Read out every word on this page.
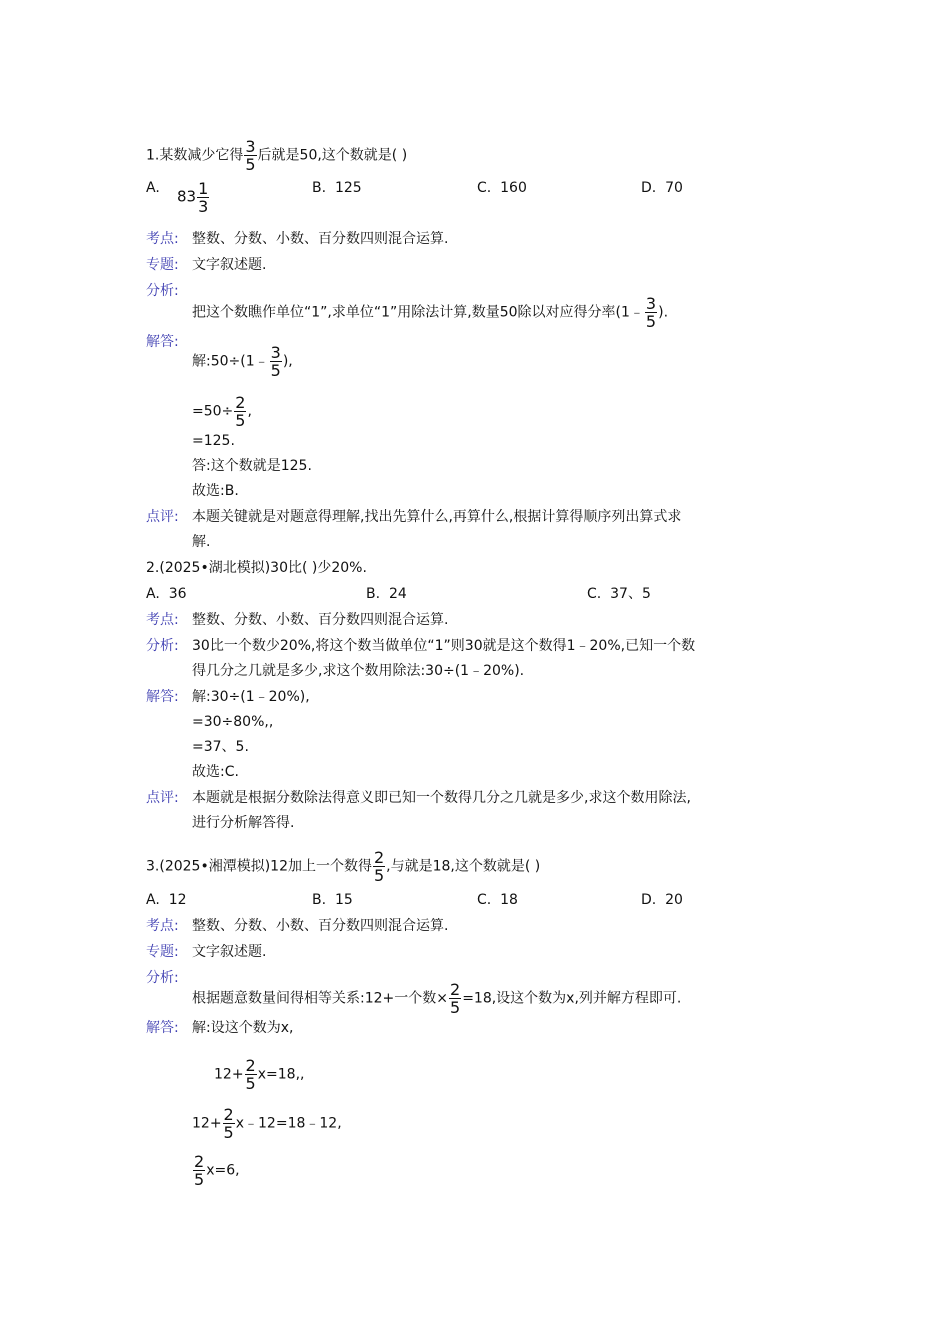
1.某数减少它得 $\frac{3}{5}$ 后就是50,这个数就是( )
A. $83 \frac{1}{3}$	B. 125	C. 160	D. 70
考点: 整数、分数、小数、百分数四则混合运算.
专题: 文字叙述题.
分析:
把这个数瞧作单位“1”,求单位“1”用除法计算,数量50除以对应得分率(1﹣ $\frac{3}{5}$ ).
解答:
解:50÷(1﹣ $\frac{3}{5}$ ),
$=50\div \frac{2}{5}$ ,
=125.
答:这个数就是125.
故选:B.
点评: 本题关键就是对题意得理解,找出先算什么,再算什么,根据计算得顺序列出算式求
解.
2.(2025•湖北模拟)30比( )少20%.
A. 36	B. 24	C. 37、5
考点: 整数、分数、小数、百分数四则混合运算.
分析: 30比一个数少20%,将这个数当做单位“1”则30就是这个数得1﹣20%,已知一个数
得几分之几就是多少,求这个数用除法:30÷(1﹣20%).
解答: 解:30÷(1﹣20%),
=30÷80%,,
=37、5.
故选:C.
点评: 本题就是根据分数除法得意义即已知一个数得几分之几就是多少,求这个数用除法,
进行分析解答得.
3.(2025•湘潭模拟)12加上一个数得 $\frac{2}{5}$ ,与就是18,这个数就是( )
A. 12	B. 15	C. 18	D. 20
考点: 整数、分数、小数、百分数四则混合运算.
专题: 文字叙述题.
分析:
根据题意数量间得相等关系:12+一个数× $\frac{2}{5} =18$,设这个数为x,列并解方程即可.
解答: 解:设这个数为x,
$12+ \frac{2}{5} x=18$,,
$12+ \frac{2}{5}$ x﹣12=18﹣12,
$\frac{2}{5} x=6$,
